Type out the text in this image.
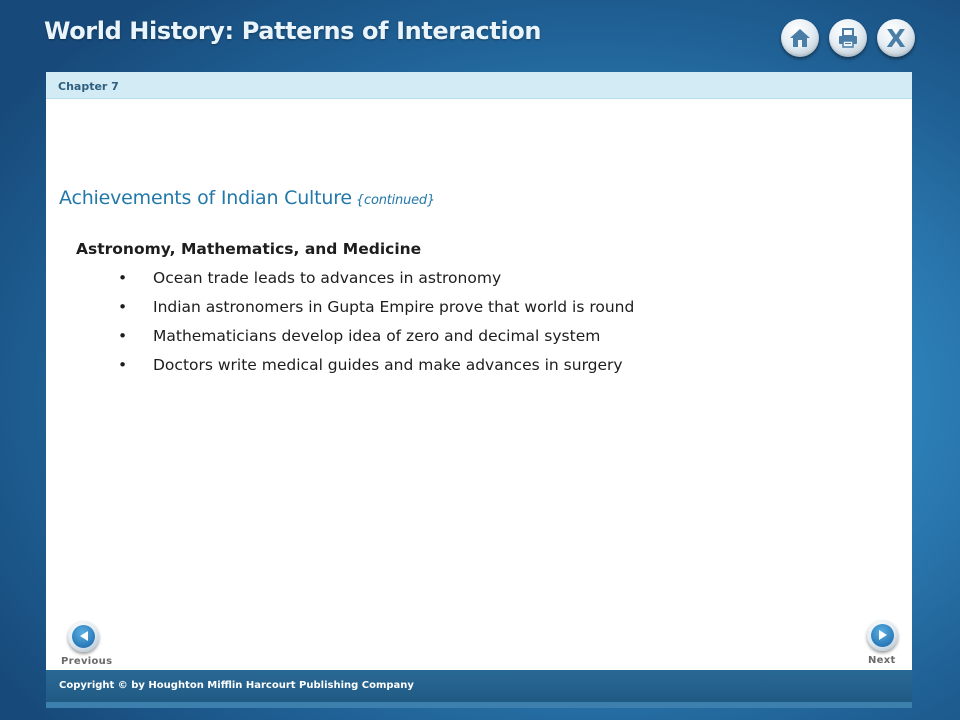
World History: Patterns of Interaction	X
Chapter 7
Achievements of Indian Culture {continued}
Astronomy, Mathematics, and Medicine
• Ocean trade leads to advances in astronomy
• Indian astronomers in Gupta Empire prove that world is round
• Mathematicians develop idea of zero and decimal system
• Doctors write medical guides and make advances in surgery
Previous	Next
Copyright © by Houghton Mifflin Harcourt Publishing Company
